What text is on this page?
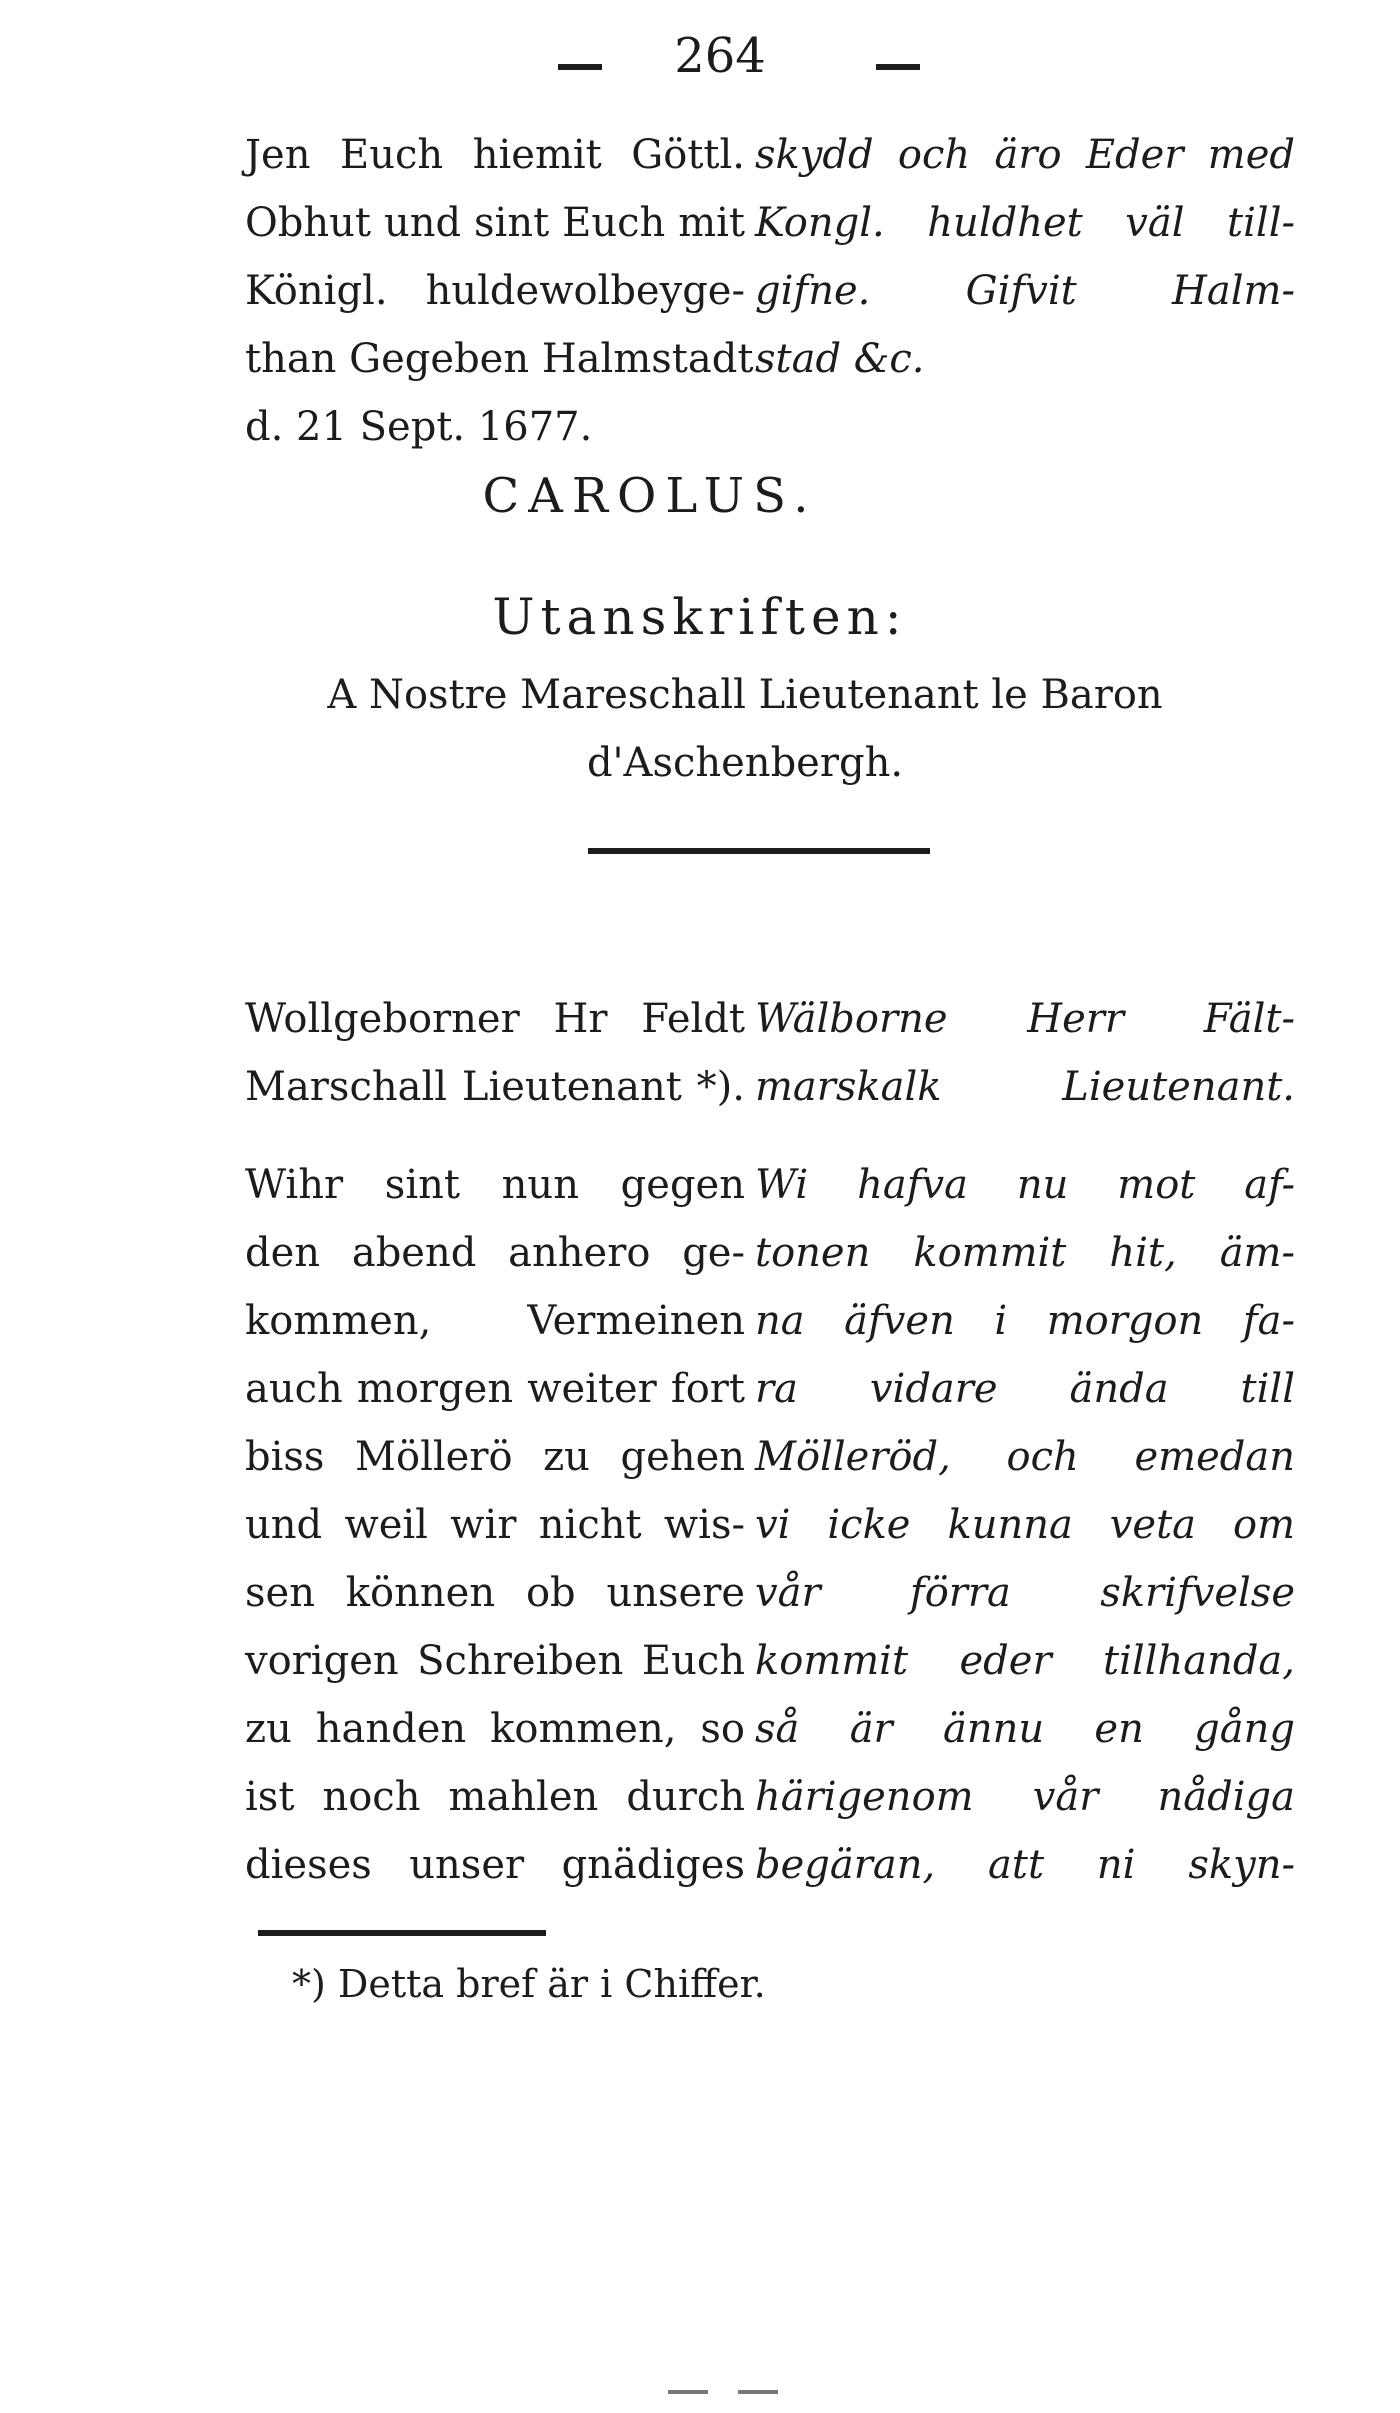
264
Jen Euch hiemit Göttl. skydd och äro Eder med
Obhut und sint Euch mit Kongl. huldhet väl till-
Königl. huldewolbeyge- gifne. Gifvit Halm-
than Gegeben Halmstadt stad &c.
d. 21 Sept. 1677.
CAROLUS.
Utanskriften:
A Nostre Mareschall Lieutenant le Baron
d'Aschenbergh.
Wollgeborner Hr Feldt Wälborne Herr Fält-
Marschall Lieutenant *). marskalk Lieutenant.
Wihr sint nun gegen Wi hafva nu mot af-
den abend anhero ge- tonen kommit hit, äm-
kommen, Vermeinen na äfven i morgon fa-
auch morgen weiter fort ra vidare ända till
biss Möllerö zu gehen Mölleröd, och emedan
und weil wir nicht wis- vi icke kunna veta om
sen können ob unsere vår förra skrifvelse
vorigen Schreiben Euch kommit eder tillhanda,
zu handen kommen, so så är ännu en gång
ist noch mahlen durch härigenom vår nådiga
dieses unser gnädiges begäran, att ni skyn-
*) Detta bref är i Chiffer.
